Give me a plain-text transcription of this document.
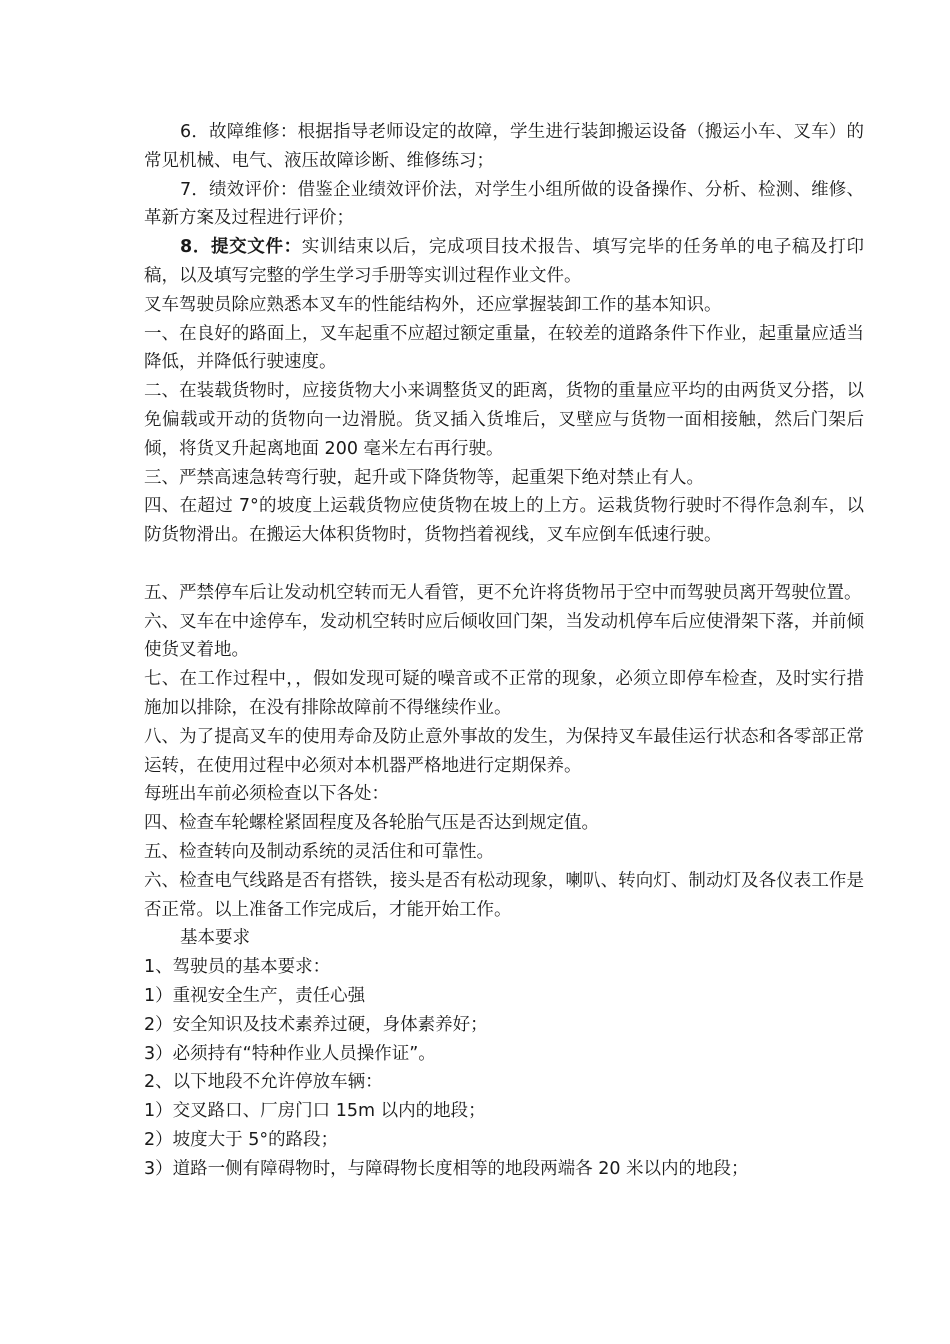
6．故障维修：根据指导老师设定的故障，学生进行装卸搬运设备（搬运小车、叉车）的常见机械、电气、液压故障诊断、维修练习；

7．绩效评价：借鉴企业绩效评价法，对学生小组所做的设备操作、分析、检测、维修、革新方案及过程进行评价；

8．提交文件：实训结束以后，完成项目技术报告、填写完毕的任务单的电子稿及打印稿，以及填写完整的学生学习手册等实训过程作业文件。

叉车驾驶员除应熟悉本叉车的性能结构外，还应掌握装卸工作的基本知识。

一、在良好的路面上，叉车起重不应超过额定重量，在较差的道路条件下作业，起重量应适当降低，并降低行驶速度。

二、在装载货物时，应接货物大小来调整货叉的距离，货物的重量应平均的由两货叉分搭，以免偏载或开动的货物向一边滑脱。货叉插入货堆后，叉壁应与货物一面相接触，然后门架后倾，将货叉升起离地面 200 毫米左右再行驶。

三、严禁高速急转弯行驶，起升或下降货物等，起重架下绝对禁止有人。

四、在超过 7°的坡度上运载货物应使货物在坡上的上方。运栽货物行驶时不得作急刹车，以防货物滑出。在搬运大体积货物时，货物挡着视线，叉车应倒车低速行驶。

五、严禁停车后让发动机空转而无人看管，更不允许将货物吊于空中而驾驶员离开驾驶位置。

六、叉车在中途停车，发动机空转时应后倾收回门架，当发动机停车后应使滑架下落，并前倾使货叉着地。

七、在工作过程中，，假如发现可疑的噪音或不正常的现象，必须立即停车检查，及时实行措施加以排除，在没有排除故障前不得继续作业。

八、为了提高叉车的使用寿命及防止意外事故的发生，为保持叉车最佳运行状态和各零部正常运转，在使用过程中必须对本机器严格地进行定期保养。

每班出车前必须检查以下各处：

四、检查车轮螺栓紧固程度及各轮胎气压是否达到规定值。

五、检查转向及制动系统的灵活住和可靠性。

六、检查电气线路是否有搭铁，接头是否有松动现象，喇叭、转向灯、制动灯及各仪表工作是否正常。以上准备工作完成后，才能开始工作。

基本要求

1、驾驶员的基本要求：

1）重视安全生产，责任心强

2）安全知识及技术素养过硬，身体素养好；

3）必须持有“特种作业人员操作证”。

2、以下地段不允许停放车辆：

1）交叉路口、厂房门口 15m 以内的地段；

2）坡度大于 5°的路段；

3）道路一侧有障碍物时，与障碍物长度相等的地段两端各 20 米以内的地段；
